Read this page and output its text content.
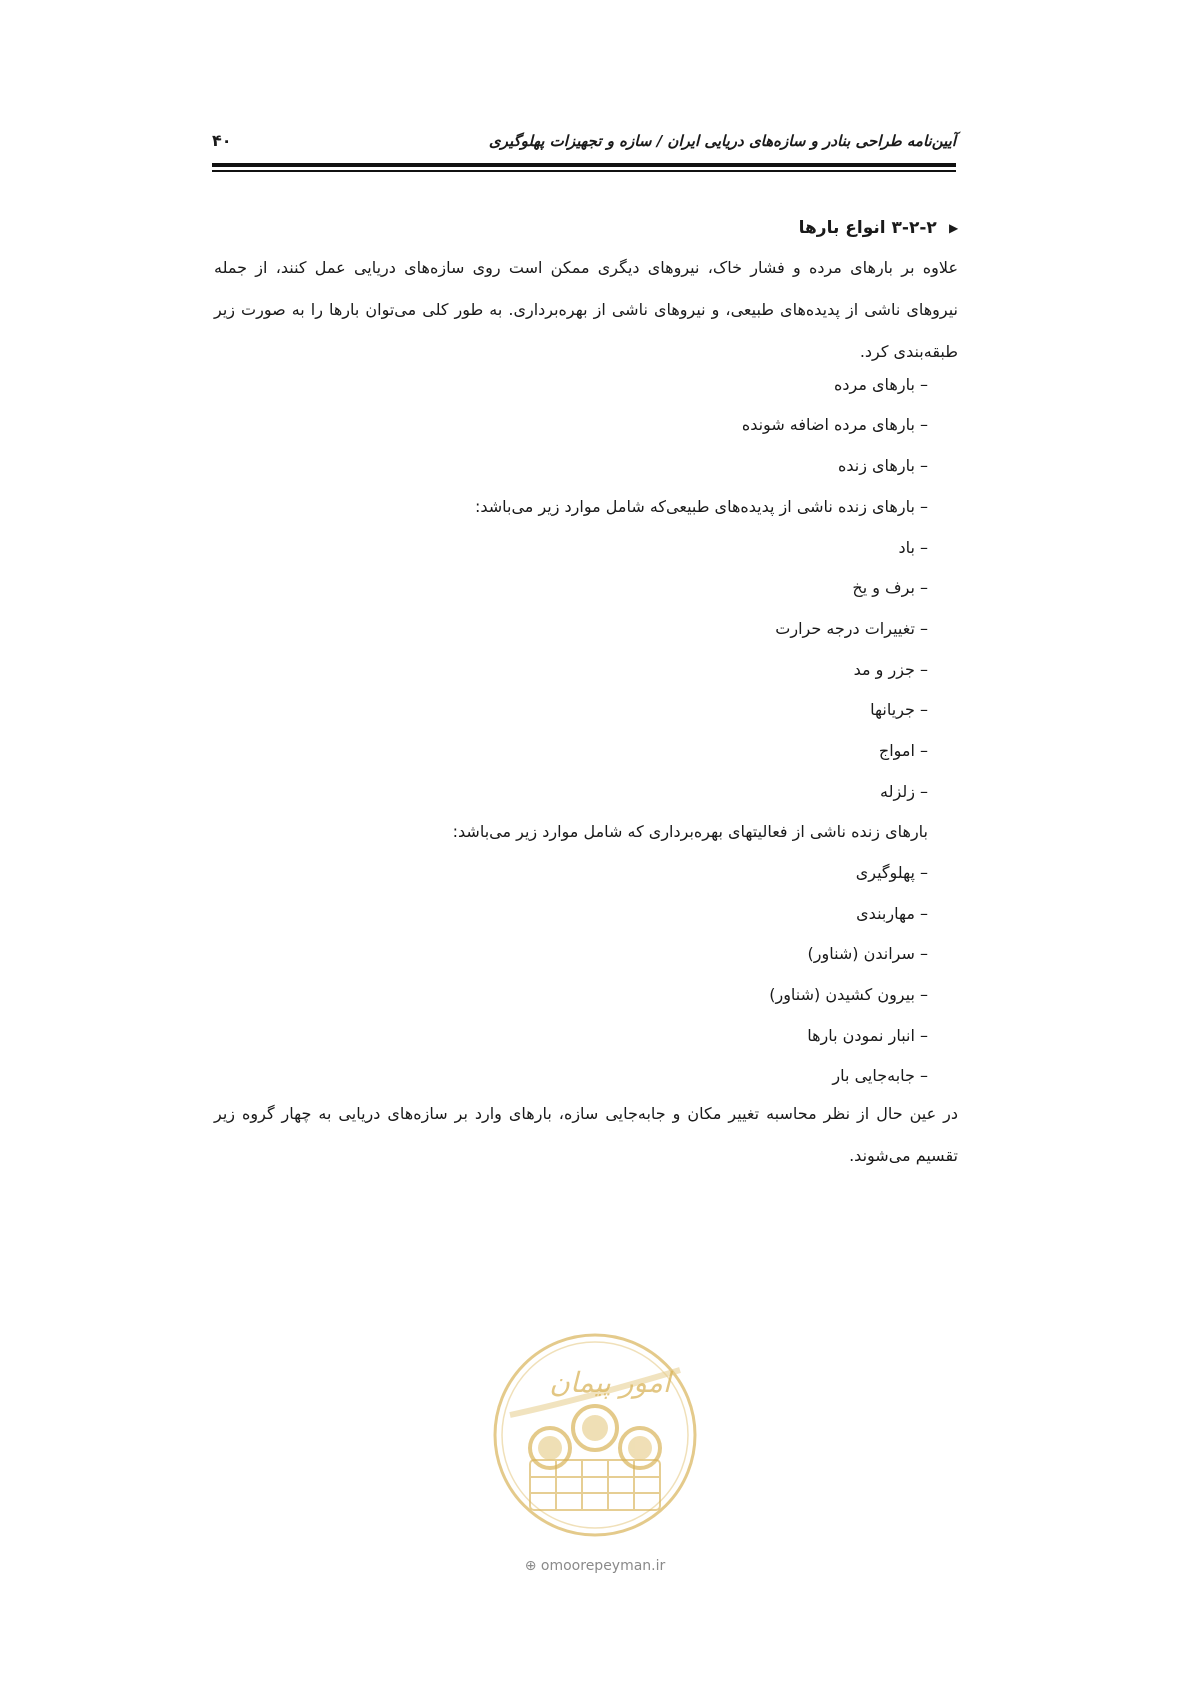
۴۰	آیین‌نامه طراحی بنادر و سازه‌های دریایی ایران / سازه و تجهیزات پهلوگیری
◀
۳-۲-۲ انواع بارها

علاوه بر بارهای مرده و فشار خاک، نیروهای دیگری ممکن است روی سازه‌های دریایی عمل کنند، از جمله نیروهای ناشی از پدیده‌های طبیعی، و نیروهای ناشی از بهره‌برداری. به طور کلی می‌توان بارها را به صورت زیر طبقه‌بندی کرد.

– بارهای مرده
– بارهای مرده اضافه شونده
– بارهای زنده
– بارهای زنده ناشی از پدیده‌های طبیعی‌که شامل موارد زیر می‌باشد:
– باد
– برف و یخ
– تغییرات درجه حرارت
– جزر و مد
– جریانها
– امواج
– زلزله
بارهای زنده ناشی از فعالیتهای بهره‌برداری که شامل موارد زیر می‌باشد:
– پهلوگیری
– مهاربندی
– سراندن (شناور)
– بیرون کشیدن (شناور)
– انبار نمودن بارها
– جابه‌جایی بار

در عین حال از نظر محاسبه تغییر مکان و جابه‌جایی سازه، بارهای وارد بر سازه‌های دریایی به چهار گروه زیر تقسیم می‌شوند.

امور پیمان
⊕ omoorepeyman.ir
